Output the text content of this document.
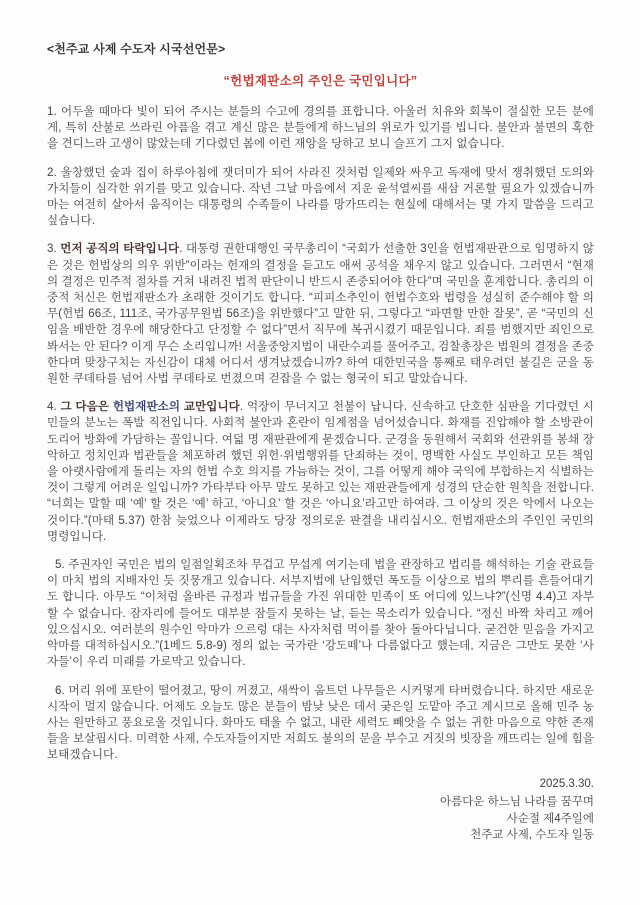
<천주교 사제 수도자 시국선언문>
“헌법재판소의 주인은 국민입니다”

1. 어두울 때마다 빛이 되어 주시는 분들의 수고에 경의를 표합니다. 아울러 치유와 회복이 절실한 모든 분에게, 특히 산불로 쓰라린 아픔을 겪고 계신 많은 분들에게 하느님의 위로가 있기를 빕니다. 불안과 불면의 혹한을 견디느라 고생이 많았는데 기다렸던 봄에 이런 재앙을 당하고 보니 슬프기 그지 없습니다.

2. 울창했던 숲과 집이 하루아침에 잿더미가 되어 사라진 것처럼 일제와 싸우고 독재에 맞서 쟁취했던 도의와 가치들이 심각한 위기를 맞고 있습니다. 작년 그날 마음에서 지운 윤석열씨를 새삼 거론할 필요가 있겠습니까마는 여전히 살아서 움직이는 대통령의 수족들이 나라를 망가뜨리는 현실에 대해서는 몇 가지 말씀을 드리고 싶습니다.

3. 먼저 공직의 타락입니다. 대통령 권한대행인 국무총리이 “국회가 선출한 3인을 헌법재판관으로 임명하지 않은 것은 헌법상의 의우 위반”이라는 헌재의 결정을 듣고도 애써 공석을 채우지 않고 있습니다. 그러면서 “현재의 결정은 민주적 절차를 거쳐 내려진 법적 판단이니 반드시 존중되어야 한다”며 국민을 훈계합니다. 총리의 이중적 처신은 헌법재판소가 초래한 것이기도 합니다. “피피소추인이 헌법수호와 법령을 성실히 준수해야 할 의무(헌법 66조, 111조, 국가공무원법 56조)을 위반했다”고 말한 뒤, 그렇다고 “파면할 만한 잘못”, 곧 “국민의 신임을 배반한 경우에 해당한다고 단정할 수 없다”면서 직무에 복귀시켰기 때문입니다. 죄를 범했지만 죄인으로 봐서는 안 된다? 이게 무슨 소리입니까! 서울중앙지법이 내란수괴를 풀어주고, 검찰총장은 법원의 결정을 존중한다며 맞장구치는 자신감이 대체 어디서 생겨났겠습니까? 하여 대한민국을 통째로 태우려던 불길은 군을 동원한 쿠데타를 넘어 사법 쿠데타로 번졌으며 걷잡을 수 없는 형국이 되고 말았습니다.

4. 그 다음은 헌법재판소의 교만입니다. 억장이 무너지고 천불이 납니다. 신속하고 단호한 심판을 기다렸던 시민들의 분노는 폭발 직전입니다. 사회적 불안과 혼란이 임계점을 넘어섰습니다. 화재를 진압해야 할 소방관이 도리어 방화에 가담하는 꼴입니다. 여덟 명 재판관에게 묻겠습니다. 군경을 동원해서 국회와 선관위를 봉쇄 장악하고 정치인과 법관들을 체포하려 했던 위헌·위법행위를 단죄하는 것이, 명백한 사실도 부인하고 모든 책임을 아랫사람에게 돌리는 자의 헌법 수호 의지를 가늠하는 것이, 그를 어떻게 해야 국익에 부합하는지 식별하는 것이 그렇게 어려운 일입니까? 가타부타 아무 말도 못하고 있는 재판관들에게 성경의 단순한 원칙을 전합니다. “너희는 말할 때 ‘예’ 할 것은 ‘예’ 하고, ‘아니요’ 할 것은 ‘아니요’라고만 하여라. 그 이상의 것은 악에서 나오는 것이다.”(마태 5.37) 한참 늦었으나 이제라도 당장 정의로운 판결을 내리십시오. 헌법재판소의 주인인 국민의 명령입니다.

5. 주권자인 국민은 법의 일점일획조차 무겁고 무섭게 여기는데 법을 관장하고 법리를 해석하는 기술 관료들이 마치 법의 지배자인 듯 짓뭉개고 있습니다. 서부지법에 난입했던 폭도들 이상으로 법의 뿌리를 흔들어대기도 합니다. 아무도 “이처럼 올바른 규정과 법규들을 가진 위대한 민족이 또 어디에 있느냐?”(신명 4.4)고 자부할 수 없습니다. 잠자리에 들어도 대부분 잠들지 못하는 날, 듣는 목소리가 있습니다. “정신 바짝 차리고 깨어 있으십시오. 여러분의 원수인 악마가 으르렁 대는 사자처럼 먹이를 찾아 돌아다닙니다. 굳건한 믿음을 가지고 악마를 대적하십시오.”(1베드 5.8-9) 정의 없는 국가란 ‘강도떼’나 다름없다고 했는데, 지금은 그만도 못한 ‘사자들’이 우리 미래를 가로막고 있습니다.

6. 머리 위에 포탄이 떨어졌고, 땅이 꺼졌고, 새싹이 움트던 나무들은 시커멓게 타버렸습니다. 하지만 새로운 시작이 멀지 않습니다. 어제도 오늘도 많은 분들이 밤낮 낮은 데서 궂은일 도맡아 주고 계시므로 올해 민주 농사는 원만하고 풍요로울 것입니다. 화마도 태울 수 없고, 내란 세력도 빼앗을 수 없는 귀한 마음으로 약한 존재들을 보살핍시다. 미력한 사제, 수도자들이지만 저희도 불의의 문을 부수고 거짓의 빗장을 깨뜨리는 일에 힘을 보태겠습니다.

2025.3.30.
아름다운 하느님 나라를 꿈꾸며
사순절 제4주일에
천주교 사제, 수도자 일동
